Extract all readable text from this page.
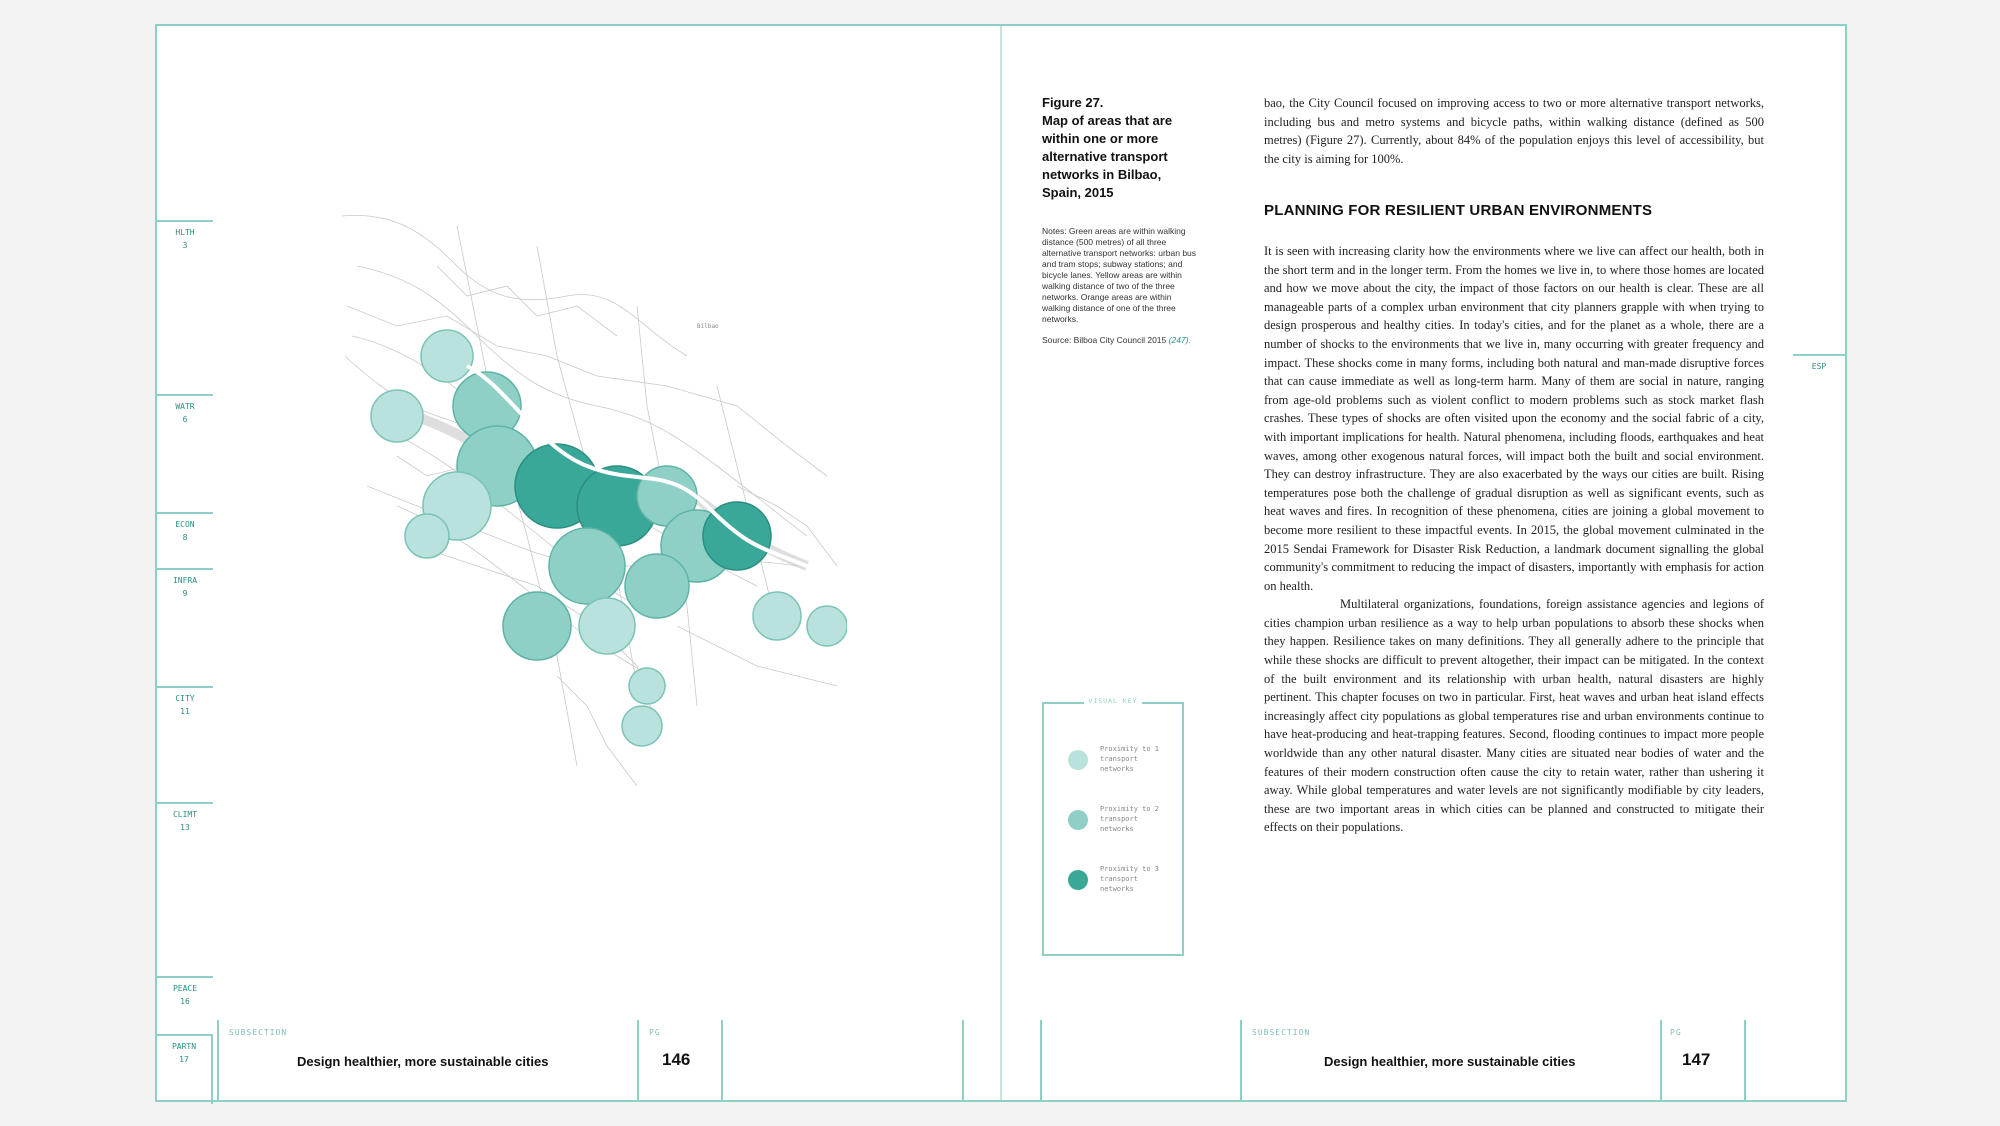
HLTH
3
WATR
6
ECON
8
INFRA
9
CITY
11
CLIMT
13
PEACE
16
PARTN
17
ESP
Bilbao
Figure 27.
Map of areas that are within one or more alternative transport networks in Bilbao, Spain, 2015
Notes: Green areas are within walking distance (500 metres) of all three alternative transport networks: urban bus and tram stops; subway stations; and bicycle lanes. Yellow areas are within walking distance of two of the three networks. Orange areas are within walking distance of one of the three networks.
Source: Bilboa City Council 2015 (247).
VISUAL KEY
Proximity to 1 transport networks
Proximity to 2 transport networks
Proximity to 3 transport networks

bao, the City Council focused on improving access to two or more alternative transport networks, including bus and metro systems and bicycle paths, within walking distance (defined as 500 metres) (Figure 27). Currently, about 84% of the population enjoys this level of accessibility, but the city is aiming for 100%.

PLANNING FOR RESILIENT URBAN ENVIRONMENTS

It is seen with increasing clarity how the environments where we live can affect our health, both in the short term and in the longer term. From the homes we live in, to where those homes are located and how we move about the city, the impact of those factors on our health is clear. These are all manageable parts of a complex urban environment that city planners grapple with when trying to design prosperous and healthy cities. In today's cities, and for the planet as a whole, there are a number of shocks to the environments that we live in, many occurring with greater frequency and impact. These shocks come in many forms, including both natural and man-made disruptive forces that can cause immediate as well as long-term harm. Many of them are social in nature, ranging from age-old problems such as violent conflict to modern problems such as stock market flash crashes. These types of shocks are often visited upon the economy and the social fabric of a city, with important implications for health. Natural phenomena, including floods, earthquakes and heat waves, among other exogenous natural forces, will impact both the built and social environment. They can destroy infrastructure. They are also exacerbated by the ways our cities are built. Rising temperatures pose both the challenge of gradual disruption as well as significant events, such as heat waves and fires. In recognition of these phenomena, cities are joining a global movement to become more resilient to these impactful events. In 2015, the global movement culminated in the 2015 Sendai Framework for Disaster Risk Reduction, a landmark document signalling the global community's commitment to reducing the impact of disasters, importantly with emphasis for action on health.

Multilateral organizations, foundations, foreign assistance agencies and legions of cities champion urban resilience as a way to help urban populations to absorb these shocks when they happen. Resilience takes on many definitions. They all generally adhere to the principle that while these shocks are difficult to prevent altogether, their impact can be mitigated. In the context of the built environment and its relationship with urban health, natural disasters are highly pertinent. This chapter focuses on two in particular. First, heat waves and urban heat island effects increasingly affect city populations as global temperatures rise and urban environments continue to have heat-producing and heat-trapping features. Second, flooding continues to impact more people worldwide than any other natural disaster. Many cities are situated near bodies of water and the features of their modern construction often cause the city to retain water, rather than ushering it away. While global temperatures and water levels are not significantly modifiable by city leaders, these are two important areas in which cities can be planned and constructed to mitigate their effects on their populations.

SUBSECTION
Design healthier, more sustainable cities
PG
146
SUBSECTION
Design healthier, more sustainable cities
PG
147
